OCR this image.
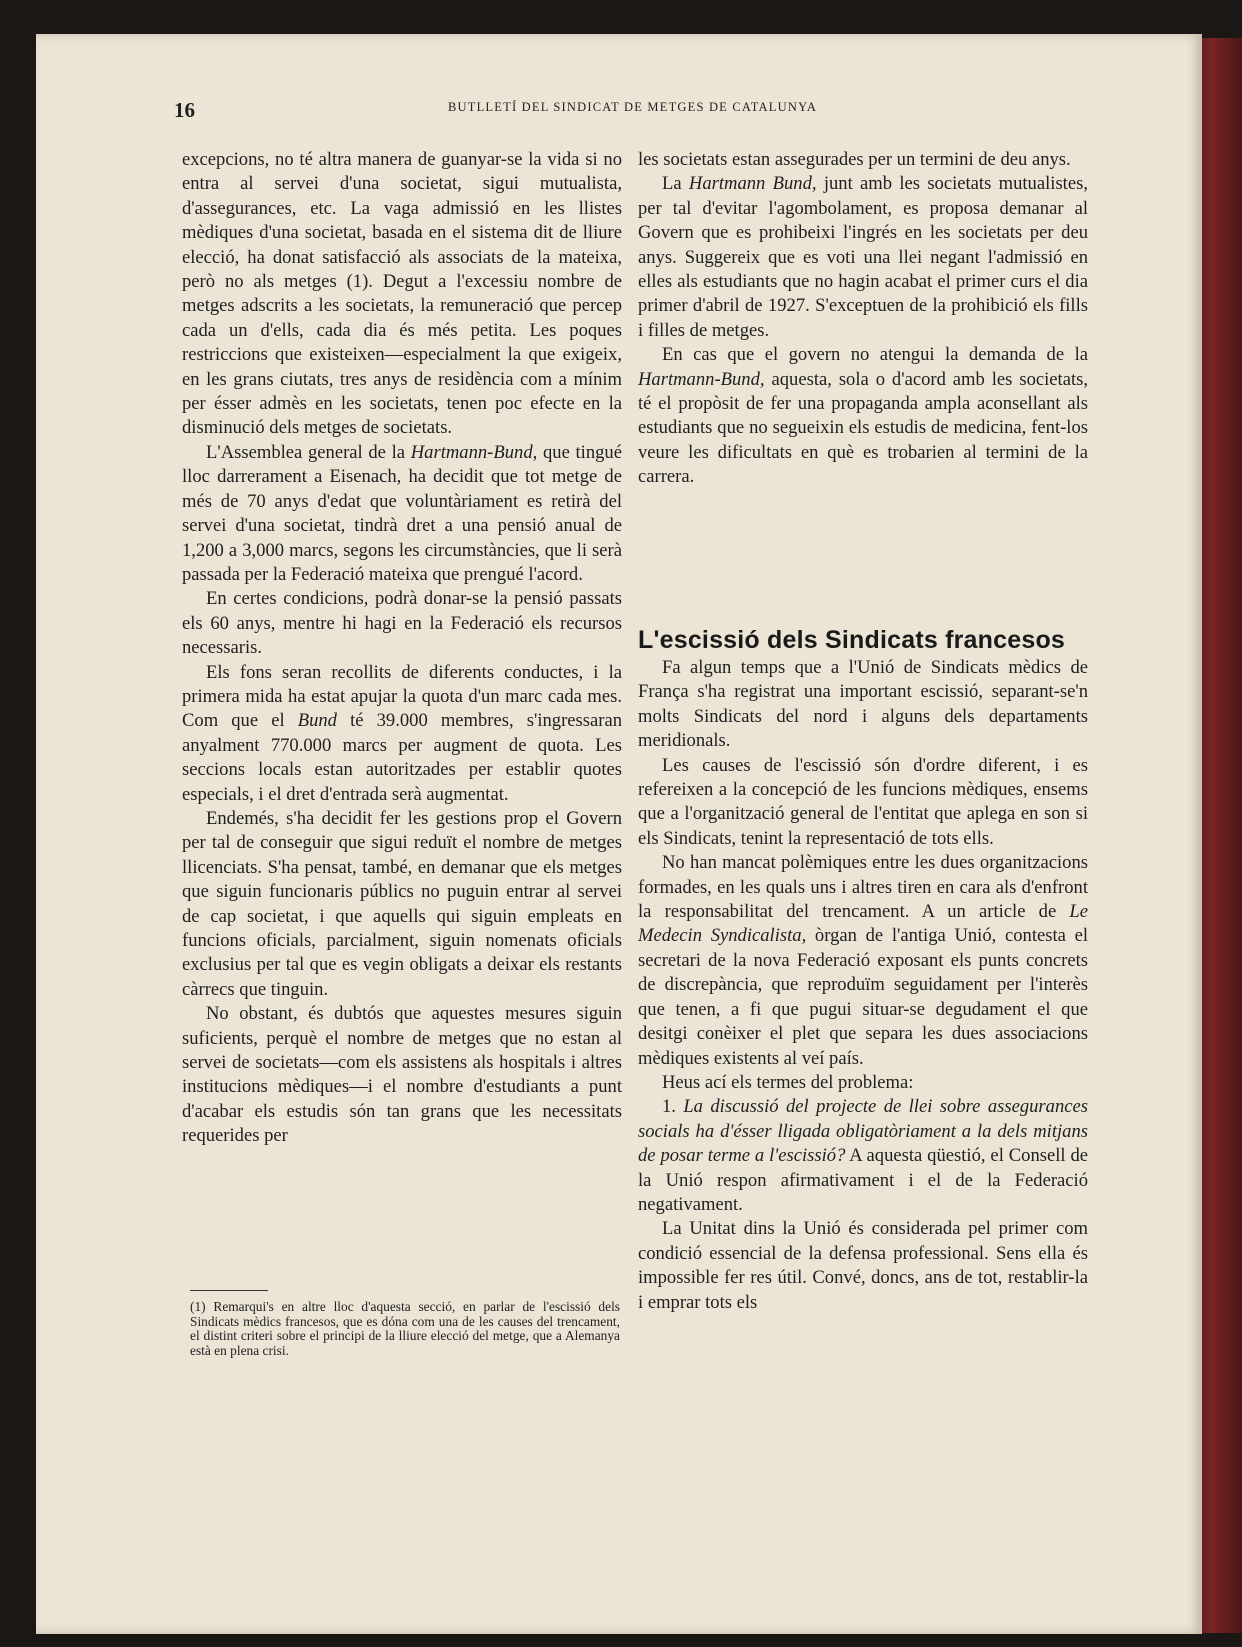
16	BUTLLETÍ DEL SINDICAT DE METGES DE CATALUNYA

excepcions, no té altra manera de guanyar-se la vida si no entra al servei d'una societat, sigui mutualista, d'assegurances, etc. La vaga admissió en les llistes mèdiques d'una societat, basada en el sistema dit de lliure elecció, ha donat satisfacció als associats de la mateixa, però no als metges (1). Degut a l'excessiu nombre de metges adscrits a les societats, la remuneració que percep cada un d'ells, cada dia és més petita. Les poques restriccions que existeixen—especialment la que exigeix, en les grans ciutats, tres anys de residència com a mínim per ésser admès en les societats, tenen poc efecte en la disminució dels metges de societats.

L'Assemblea general de la Hartmann-Bund, que tingué lloc darrerament a Eisenach, ha decidit que tot metge de més de 70 anys d'edat que voluntàriament es retirà del servei d'una societat, tindrà dret a una pensió anual de 1,200 a 3,000 marcs, segons les circumstàncies, que li serà passada per la Federació mateixa que prengué l'acord.

En certes condicions, podrà donar-se la pensió passats els 60 anys, mentre hi hagi en la Federació els recursos necessaris.

Els fons seran recollits de diferents conductes, i la primera mida ha estat apujar la quota d'un marc cada mes. Com que el Bund té 39.000 membres, s'ingressaran anyalment 770.000 marcs per augment de quota. Les seccions locals estan autoritzades per establir quotes especials, i el dret d'entrada serà augmentat.

Endemés, s'ha decidit fer les gestions prop el Govern per tal de conseguir que sigui reduït el nombre de metges llicenciats. S'ha pensat, també, en demanar que els metges que siguin funcionaris públics no puguin entrar al servei de cap societat, i que aquells qui siguin empleats en funcions oficials, parcialment, siguin nomenats oficials exclusius per tal que es vegin obligats a deixar els restants càrrecs que tinguin.

No obstant, és dubtós que aquestes mesures siguin suficients, perquè el nombre de metges que no estan al servei de societats—com els assistens als hospitals i altres institucions mèdiques—i el nombre d'estudiants a punt d'acabar els estudis són tan grans que les necessitats requerides per

(1) Remarqui's en altre lloc d'aquesta secció, en parlar de l'escissió dels Sindicats mèdics francesos, que es dóna com una de les causes del trencament, el distint criteri sobre el principi de la lliure elecció del metge, que a Alemanya està en plena crisi.

les societats estan assegurades per un termini de deu anys.

La Hartmann Bund, junt amb les societats mutualistes, per tal d'evitar l'agombolament, es proposa demanar al Govern que es prohibeixi l'ingrés en les societats per deu anys. Suggereix que es voti una llei negant l'admissió en elles als estudiants que no hagin acabat el primer curs el dia primer d'abril de 1927. S'exceptuen de la prohibició els fills i filles de metges.

En cas que el govern no atengui la demanda de la Hartmann-Bund, aquesta, sola o d'acord amb les societats, té el propòsit de fer una propaganda ampla aconsellant als estudiants que no segueixin els estudis de medicina, fent-los veure les dificultats en què es trobarien al termini de la carrera.

L'escissió dels Sindicats francesos

Fa algun temps que a l'Unió de Sindicats mèdics de França s'ha registrat una important escissió, separant-se'n molts Sindicats del nord i alguns dels departaments meridionals.

Les causes de l'escissió són d'ordre diferent, i es refereixen a la concepció de les funcions mèdiques, ensems que a l'organització general de l'entitat que aplega en son si els Sindicats, tenint la representació de tots ells.

No han mancat polèmiques entre les dues organitzacions formades, en les quals uns i altres tiren en cara als d'enfront la responsabilitat del trencament. A un article de Le Medecin Syndicalista, òrgan de l'antiga Unió, contesta el secretari de la nova Federació exposant els punts concrets de discrepància, que reproduïm seguidament per l'interès que tenen, a fi que pugui situar-se degudament el que desitgi conèixer el plet que separa les dues associacions mèdiques existents al veí país.

Heus ací els termes del problema:

1. La discussió del projecte de llei sobre assegurances socials ha d'ésser lligada obligatòriament a la dels mitjans de posar terme a l'escissió? A aquesta qüestió, el Consell de la Unió respon afirmativament i el de la Federació negativament.

La Unitat dins la Unió és considerada pel primer com condició essencial de la defensa professional. Sens ella és impossible fer res útil. Convé, doncs, ans de tot, restablir-la i emprar tots els
